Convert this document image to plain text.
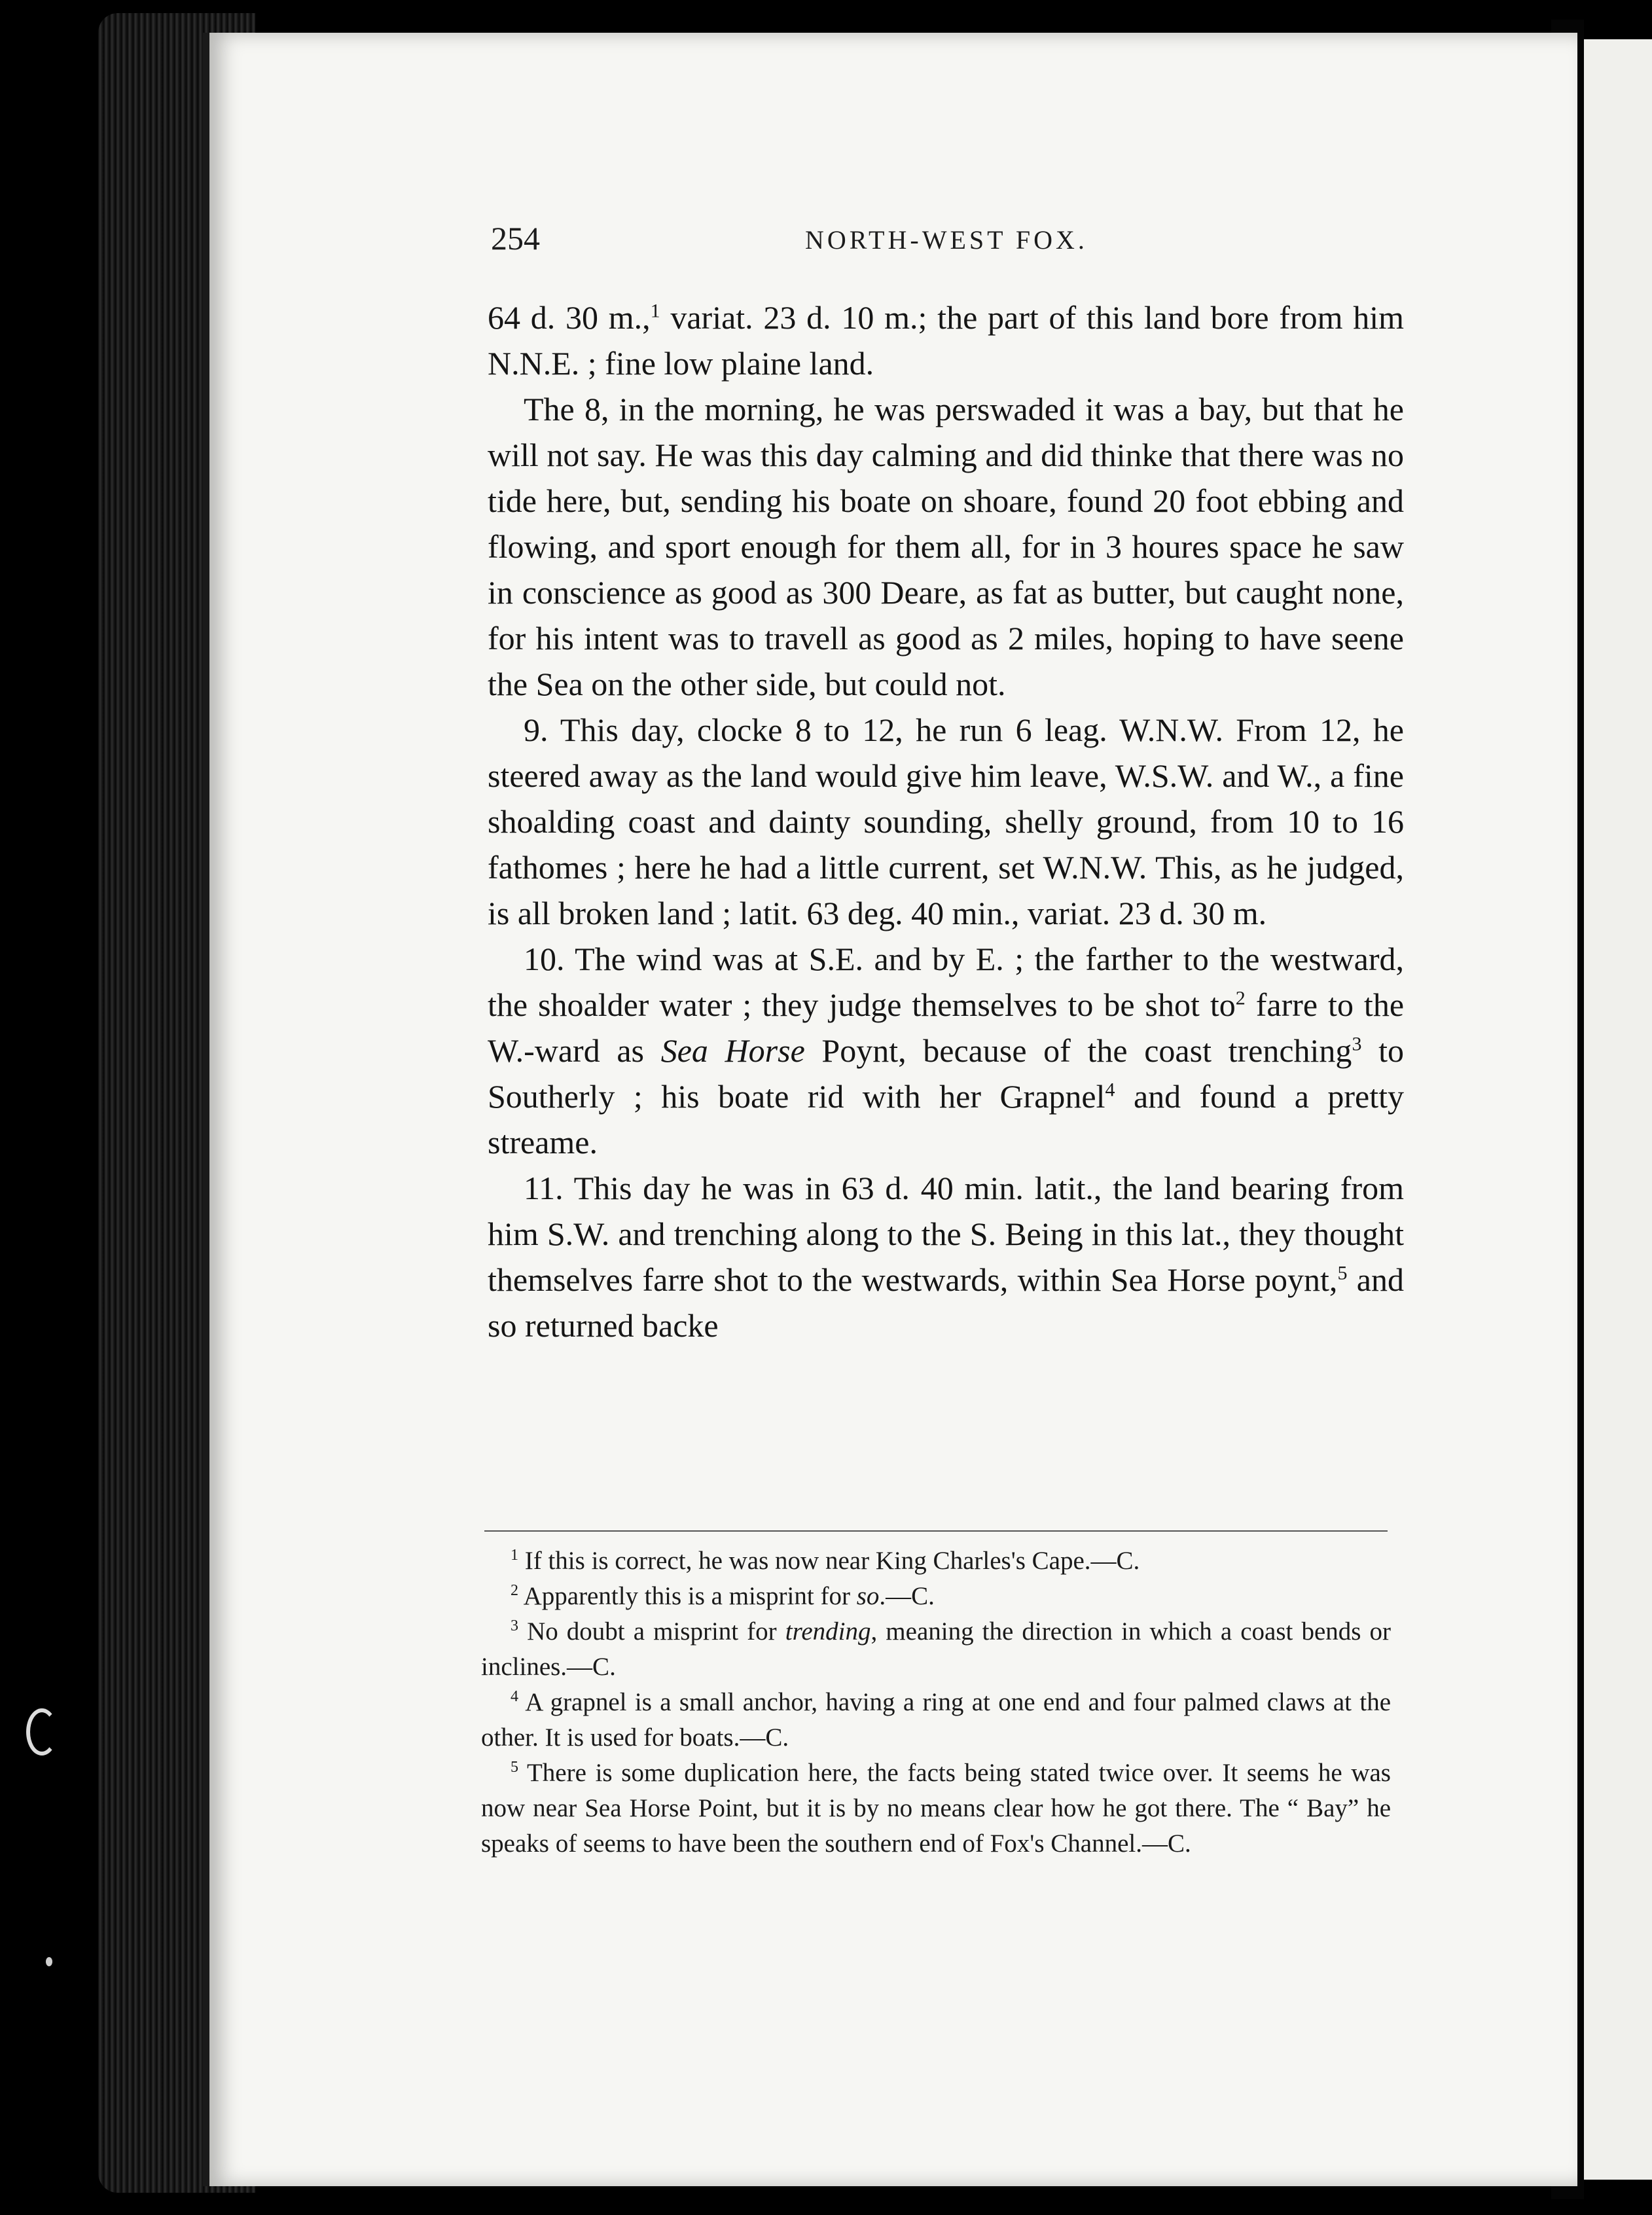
254	NORTH-WEST FOX.

64 d. 30 m.,$^1$ variat. 23 d. 10 m.; the part of this land bore from him N.N.E. ; fine low plaine land.

The 8, in the morning, he was perswaded it was a bay, but that he will not say. He was this day calming and did thinke that there was no tide here, but, sending his boate on shoare, found 20 foot ebbing and flowing, and sport enough for them all, for in 3 houres space he saw in conscience as good as 300 Deare, as fat as butter, but caught none, for his intent was to travell as good as 2 miles, hoping to have seene the Sea on the other side, but could not.

9. This day, clocke 8 to 12, he run 6 leag. W.N.W. From 12, he steered away as the land would give him leave, W.S.W. and W., a fine shoalding coast and dainty sounding, shelly ground, from 10 to 16 fathomes ; here he had a little current, set W.N.W. This, as he judged, is all broken land ; latit. 63 deg. 40 min., variat. 23 d. 30 m.

10. The wind was at S.E. and by E. ; the farther to the westward, the shoalder water ; they judge themselves to be shot $to^2$ farre to the W.-ward as Sea Horse Poynt, because of the coast trenching$^3$ to Southerly ; his boate rid with her Grapnel$^4$ and found a pretty streame.

11. This day he was in 63 d. 40 min. latit., the land bearing from him S.W. and trenching along to the S. Being in this lat., they thought themselves farre shot to the westwards, within Sea Horse poynt,$^5$ and so returned backe

$^1$ If this is correct, he was now near King Charles's Cape.—C.

$^2$ Apparently this is a misprint for so.—C.

$^3$ No doubt a misprint for trending, meaning the direction in which a coast bends or inclines.—C.

$^4$ A grapnel is a small anchor, having a ring at one end and four palmed claws at the other. It is used for boats.—C.

$^5$ There is some duplication here, the facts being stated twice over. It seems he was now near Sea Horse Point, but it is by no means clear how he got there. The “ Bay” he speaks of seems to have been the southern end of Fox's Channel.—C.
